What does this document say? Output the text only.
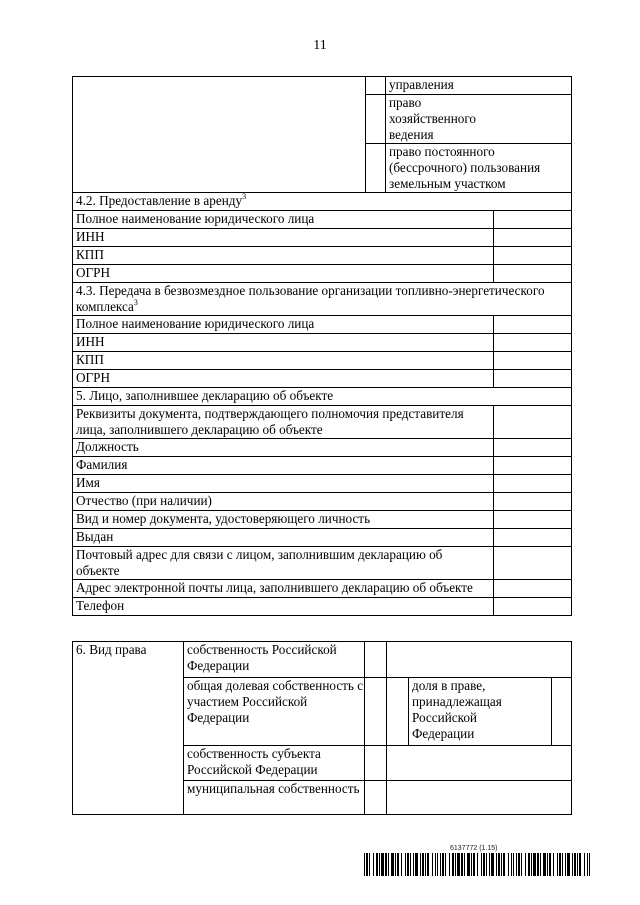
11
		управления	
		право хозяйственного ведения	
		право постоянного (бессрочного) пользования земельным участком	
4.2. Предоставление в аренду$^3$
Полное наименование юридического лица			
ИНН			
КПП			
ОГРН			
4.3. Передача в безвозмездное пользование организации топливно-энергетического комплекса$^3$
Полное наименование юридического лица			
ИНН			
КПП			
ОГРН			
5. Лицо, заполнившее декларацию об объекте			
Реквизиты документа, подтверждающего полномочия представителя лица, заполнившего декларацию об объекте			
Должность			
Фамилия			
Имя			
Отчество (при наличии)			
Вид и номер документа, удостоверяющего личность			
Выдан			
Почтовый адрес для связи с лицом, заполнившим декларацию об объекте			
Адрес электронной почты лица, заполнившего декларацию об объекте			
Телефон			
6. Вид права	собственность Российской Федерации				
	общая долевая собственность с участием Российской Федерации			доля в праве, принадлежащая Российской Федерации	
	собственность субъекта Российской Федерации				
	муниципальная собственность				
6137772 (1.15)
